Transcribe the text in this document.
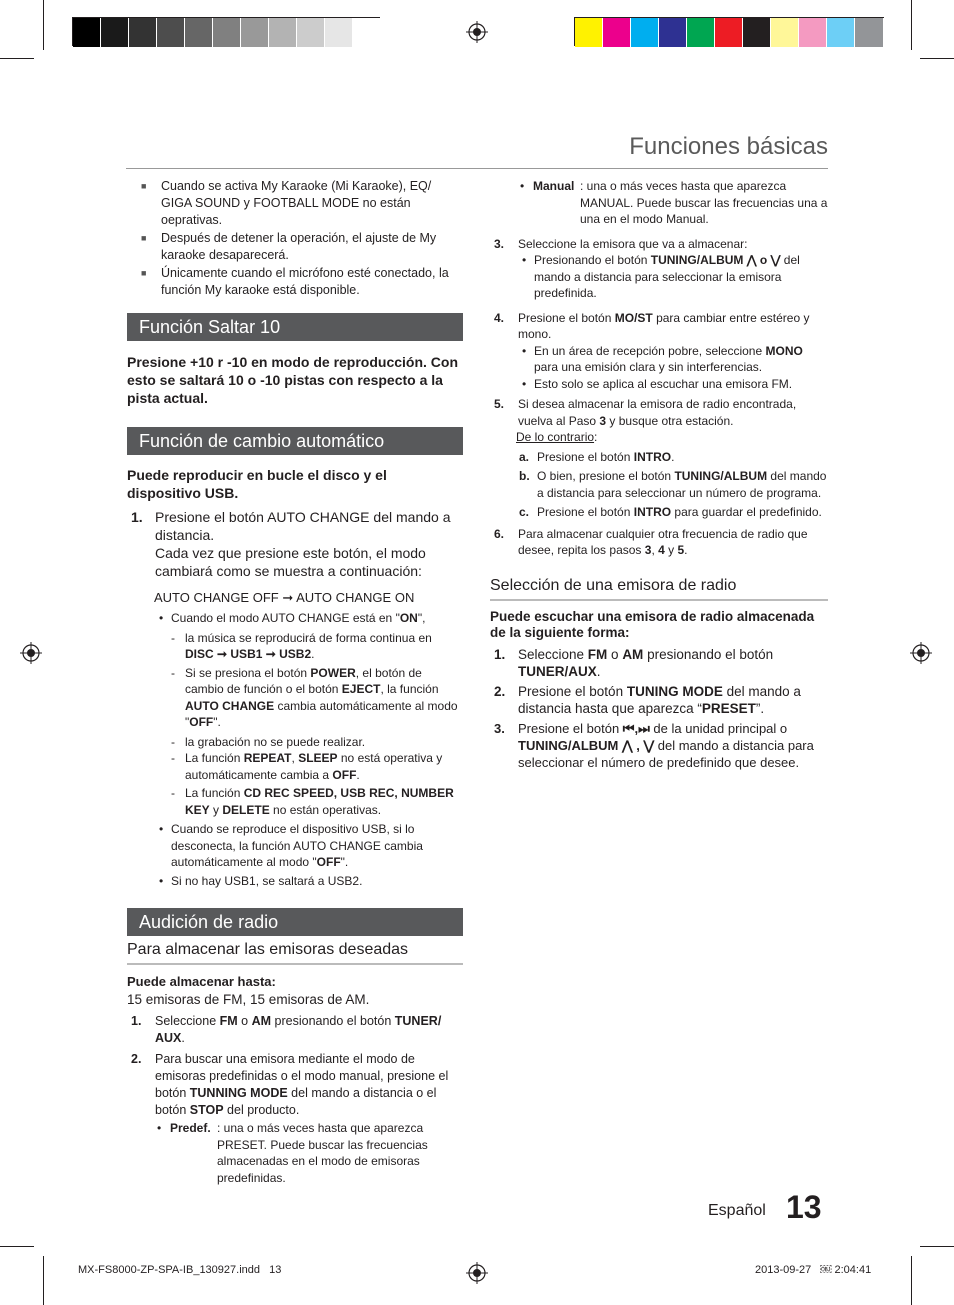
Funciones básicas
■ Cuando se activa My Karaoke (Mi Karaoke), EQ/ GIGA SOUND y FOOTBALL MODE no están oeprativas.
■ Después de detener la operación, el ajuste de My karaoke desaparecerá.
■ Únicamente cuando el micrófono esté conectado, la función My karaoke está disponible.
Función Saltar 10
Presione +10 r -10 en modo de reproducción. Con esto se saltará 10 o -10 pistas con respecto a la pista actual.
Función de cambio automático
Puede reproducir en bucle el disco y el dispositivo USB.
1. Presione el botón AUTO CHANGE del mando a distancia.
Cada vez que presione este botón, el modo cambiará como se muestra a continuación:
AUTO CHANGE OFF ➞ AUTO CHANGE ON
• Cuando el modo AUTO CHANGE está en "ON",
- la música se reproducirá de forma continua en DISC ➞ USB1 ➞ USB2.
- Si se presiona el botón POWER, el botón de cambio de función o el botón EJECT, la función AUTO CHANGE cambia automáticamente al modo "OFF".
- la grabación no se puede realizar.
- La función REPEAT, SLEEP no está operativa y automáticamente cambia a OFF.
- La función CD REC SPEED, USB REC, NUMBER KEY y DELETE no están operativas.
• Cuando se reproduce el dispositivo USB, si lo desconecta, la función AUTO CHANGE cambia automáticamente al modo "OFF".
• Si no hay USB1, se saltará a USB2.
Audición de radio
Para almacenar las emisoras deseadas
Puede almacenar hasta:
15 emisoras de FM, 15 emisoras de AM.
1. Seleccione FM o AM presionando el botón TUNER/ AUX.
2. Para buscar una emisora mediante el modo de emisoras predefinidas o el modo manual, presione el botón TUNNING MODE del mando a distancia o el botón STOP del producto.
• Predef. : una o más veces hasta que aparezca PRESET. Puede buscar las frecuencias almacenadas en el modo de emisoras predefinidas.
• Manual : una o más veces hasta que aparezca MANUAL. Puede buscar las frecuencias una a una en el modo Manual.
3. Seleccione la emisora que va a almacenar:
• Presionando el botón TUNING/ALBUM ⋀ o ⋁ del mando a distancia para seleccionar la emisora predefinida.
4. Presione el botón MO/ST para cambiar entre estéreo y mono.
• En un área de recepción pobre, seleccione MONO para una emisión clara y sin interferencias.
• Esto solo se aplica al escuchar una emisora FM.
5. Si desea almacenar la emisora de radio encontrada, vuelva al Paso 3 y busque otra estación.
De lo contrario:
a. Presione el botón INTRO.
b. O bien, presione el botón TUNING/ALBUM del mando a distancia para seleccionar un número de programa.
c. Presione el botón INTRO para guardar el predefinido.
6. Para almacenar cualquier otra frecuencia de radio que desee, repita los pasos 3, 4 y 5.
Selección de una emisora de radio
Puede escuchar una emisora de radio almacenada de la siguiente forma:
1. Seleccione FM o AM presionando el botón TUNER/AUX.
2. Presione el botón TUNING MODE del mando a distancia hasta que aparezca “PRESET”.
3. Presione el botón ⏮,⏭ de la unidad principal o TUNING/ALBUM ⋀ , ⋁ del mando a distancia para seleccionar el número de predefinido que desee.
Español 13
MX-FS8000-ZP-SPA-IB_130927.indd   13	2013-09-27   ￼ 2:04:41
